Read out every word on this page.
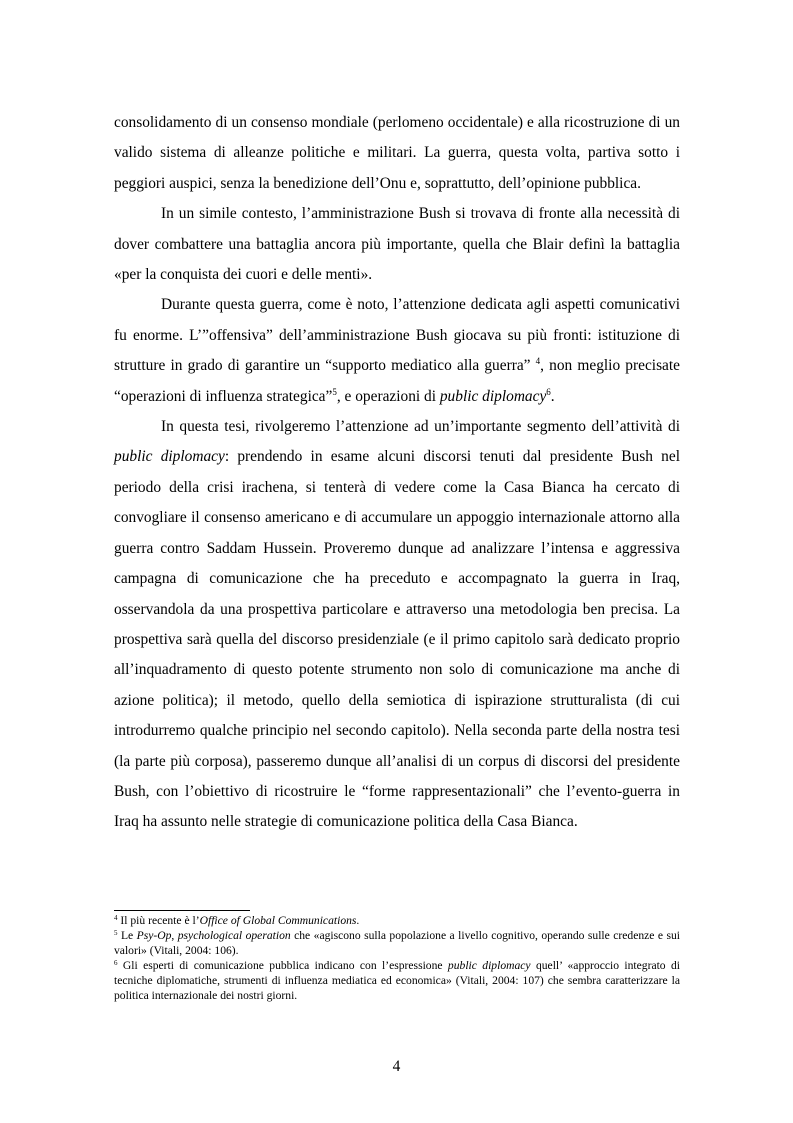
consolidamento di un consenso mondiale (perlomeno occidentale) e alla ricostruzione di un valido sistema di alleanze politiche e militari. La guerra, questa volta, partiva sotto i peggiori auspici, senza la benedizione dell’Onu e, soprattutto, dell’opinione pubblica.

In un simile contesto, l’amministrazione Bush si trovava di fronte alla necessità di dover combattere una battaglia ancora più importante, quella che Blair definì la battaglia «per la conquista dei cuori e delle menti».

Durante questa guerra, come è noto, l’attenzione dedicata agli aspetti comunicativi fu enorme. L’”offensiva” dell’amministrazione Bush giocava su più fronti: istituzione di strutture in grado di garantire un “supporto mediatico alla guerra” $^4$, non meglio precisate “operazioni di influenza strategica”$^5$, e operazioni di public diplomacy$^6$.

In questa tesi, rivolgeremo l’attenzione ad un’importante segmento dell’attività di public diplomacy: prendendo in esame alcuni discorsi tenuti dal presidente Bush nel periodo della crisi irachena, si tenterà di vedere come la Casa Bianca ha cercato di convogliare il consenso americano e di accumulare un appoggio internazionale attorno alla guerra contro Saddam Hussein. Proveremo dunque ad analizzare l’intensa e aggressiva campagna di comunicazione che ha preceduto e accompagnato la guerra in Iraq, osservandola da una prospettiva particolare e attraverso una metodologia ben precisa. La prospettiva sarà quella del discorso presidenziale (e il primo capitolo sarà dedicato proprio all’inquadramento di questo potente strumento non solo di comunicazione ma anche di azione politica); il metodo, quello della semiotica di ispirazione strutturalista (di cui introdurremo qualche principio nel secondo capitolo). Nella seconda parte della nostra tesi (la parte più corposa), passeremo dunque all’analisi di un corpus di discorsi del presidente Bush, con l’obiettivo di ricostruire le “forme rappresentazionali” che l’evento-guerra in Iraq ha assunto nelle strategie di comunicazione politica della Casa Bianca.

$^4$ Il più recente è l’Office of Global Communications.

$^5$ Le Psy-Op, psychological operation che «agiscono sulla popolazione a livello cognitivo, operando sulle credenze e sui valori» (Vitali, 2004: 106).

$^6$ Gli esperti di comunicazione pubblica indicano con l’espressione public diplomacy quell’ «approccio integrato di tecniche diplomatiche, strumenti di influenza mediatica ed economica» (Vitali, 2004: 107) che sembra caratterizzare la politica internazionale dei nostri giorni.

4
